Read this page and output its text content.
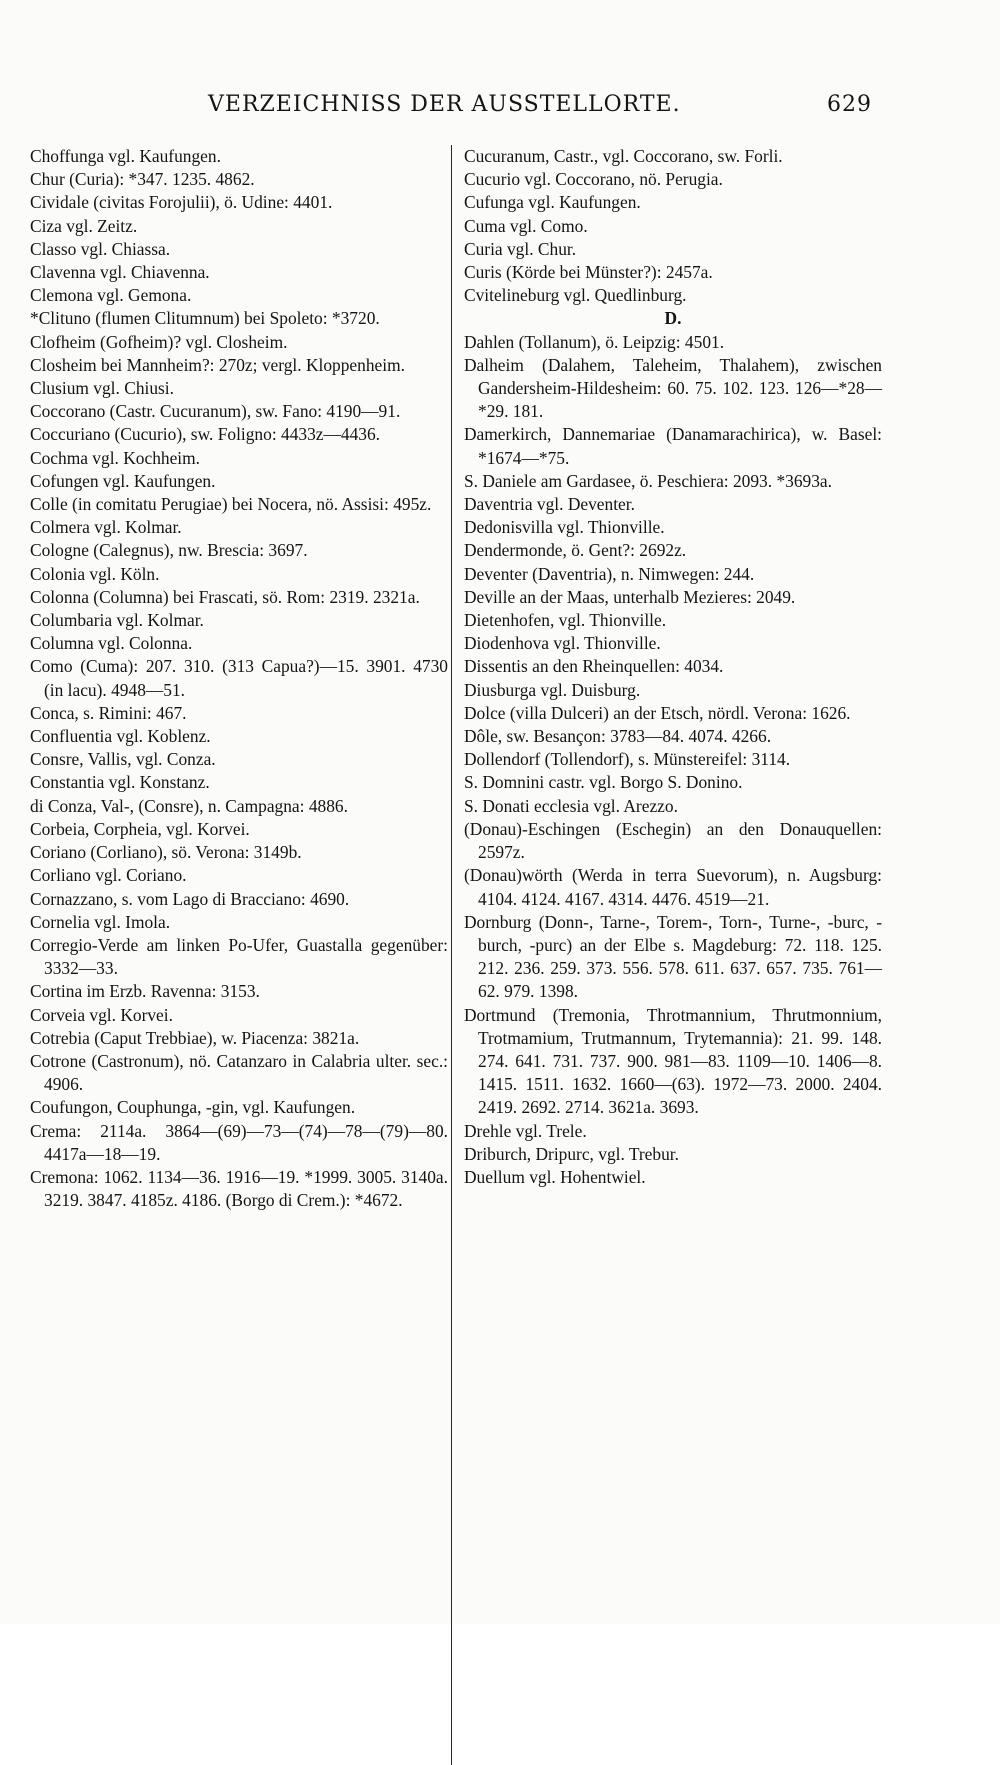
VERZEICHNISS DER AUSSTELLORTE.	629

Choffunga vgl. Kaufungen.

Chur (Curia): *347. 1235. 4862.

Cividale (civitas Forojulii), ö. Udine: 4401.

Ciza vgl. Zeitz.

Classo vgl. Chiassa.

Clavenna vgl. Chiavenna.

Clemona vgl. Gemona.

*Clituno (flumen Clitumnum) bei Spoleto: *3720.

Clofheim (Gofheim)? vgl. Closheim.

Closheim bei Mannheim?: 270z; vergl. Kloppenheim.

Clusium vgl. Chiusi.

Coccorano (Castr. Cucuranum), sw. Fano: 4190—91.

Coccuriano (Cucurio), sw. Foligno: 4433z—4436.

Cochma vgl. Kochheim.

Cofungen vgl. Kaufungen.

Colle (in comitatu Perugiae) bei Nocera, nö. Assisi: 495z.

Colmera vgl. Kolmar.

Cologne (Calegnus), nw. Brescia: 3697.

Colonia vgl. Köln.

Colonna (Columna) bei Frascati, sö. Rom: 2319. 2321a.

Columbaria vgl. Kolmar.

Columna vgl. Colonna.

Como (Cuma): 207. 310. (313 Capua?)—15. 3901. 4730 (in lacu). 4948—51.

Conca, s. Rimini: 467.

Confluentia vgl. Koblenz.

Consre, Vallis, vgl. Conza.

Constantia vgl. Konstanz.

di Conza, Val-, (Consre), n. Campagna: 4886.

Corbeia, Corpheia, vgl. Korvei.

Coriano (Corliano), sö. Verona: 3149b.

Corliano vgl. Coriano.

Cornazzano, s. vom Lago di Bracciano: 4690.

Cornelia vgl. Imola.

Corregio-Verde am linken Po-Ufer, Guastalla gegenüber: 3332—33.

Cortina im Erzb. Ravenna: 3153.

Corveia vgl. Korvei.

Cotrebia (Caput Trebbiae), w. Piacenza: 3821a.

Cotrone (Castronum), nö. Catanzaro in Calabria ulter. sec.: 4906.

Coufungon, Couphunga, -gin, vgl. Kaufungen.

Crema: 2114a. 3864—(69)—73—(74)—78—(79)—80. 4417a—18—19.

Cremona: 1062. 1134—36. 1916—19. *1999. 3005. 3140a. 3219. 3847. 4185z. 4186. (Borgo di Crem.): *4672.

Cucuranum, Castr., vgl. Coccorano, sw. Forli.

Cucurio vgl. Coccorano, nö. Perugia.

Cufunga vgl. Kaufungen.

Cuma vgl. Como.

Curia vgl. Chur.

Curis (Körde bei Münster?): 2457a.

Cvitelineburg vgl. Quedlinburg.

D.

Dahlen (Tollanum), ö. Leipzig: 4501.

Dalheim (Dalahem, Taleheim, Thalahem), zwischen Gandersheim-Hildesheim: 60. 75. 102. 123. 126—*28—*29. 181.

Damerkirch, Dannemariae (Danamarachirica), w. Basel: *1674—*75.

S. Daniele am Gardasee, ö. Peschiera: 2093. *3693a.

Daventria vgl. Deventer.

Dedonisvilla vgl. Thionville.

Dendermonde, ö. Gent?: 2692z.

Deventer (Daventria), n. Nimwegen: 244.

Deville an der Maas, unterhalb Mezieres: 2049.

Dietenhofen, vgl. Thionville.

Diodenhova vgl. Thionville.

Dissentis an den Rheinquellen: 4034.

Diusburga vgl. Duisburg.

Dolce (villa Dulceri) an der Etsch, nördl. Verona: 1626.

Dôle, sw. Besançon: 3783—84. 4074. 4266.

Dollendorf (Tollendorf), s. Münstereifel: 3114.

S. Domnini castr. vgl. Borgo S. Donino.

S. Donati ecclesia vgl. Arezzo.

(Donau)-Eschingen (Eschegin) an den Donauquellen: 2597z.

(Donau)wörth (Werda in terra Suevorum), n. Augsburg: 4104. 4124. 4167. 4314. 4476. 4519—21.

Dornburg (Donn-, Tarne-, Torem-, Torn-, Turne-, -burc, -burch, -purc) an der Elbe s. Magdeburg: 72. 118. 125. 212. 236. 259. 373. 556. 578. 611. 637. 657. 735. 761—62. 979. 1398.

Dortmund (Tremonia, Throtmannium, Thrutmonnium, Trotmamium, Trutmannum, Trytemannia): 21. 99. 148. 274. 641. 731. 737. 900. 981—83. 1109—10. 1406—8. 1415. 1511. 1632. 1660—(63). 1972—73. 2000. 2404. 2419. 2692. 2714. 3621a. 3693.

Drehle vgl. Trele.

Driburch, Dripurc, vgl. Trebur.

Duellum vgl. Hohentwiel.
